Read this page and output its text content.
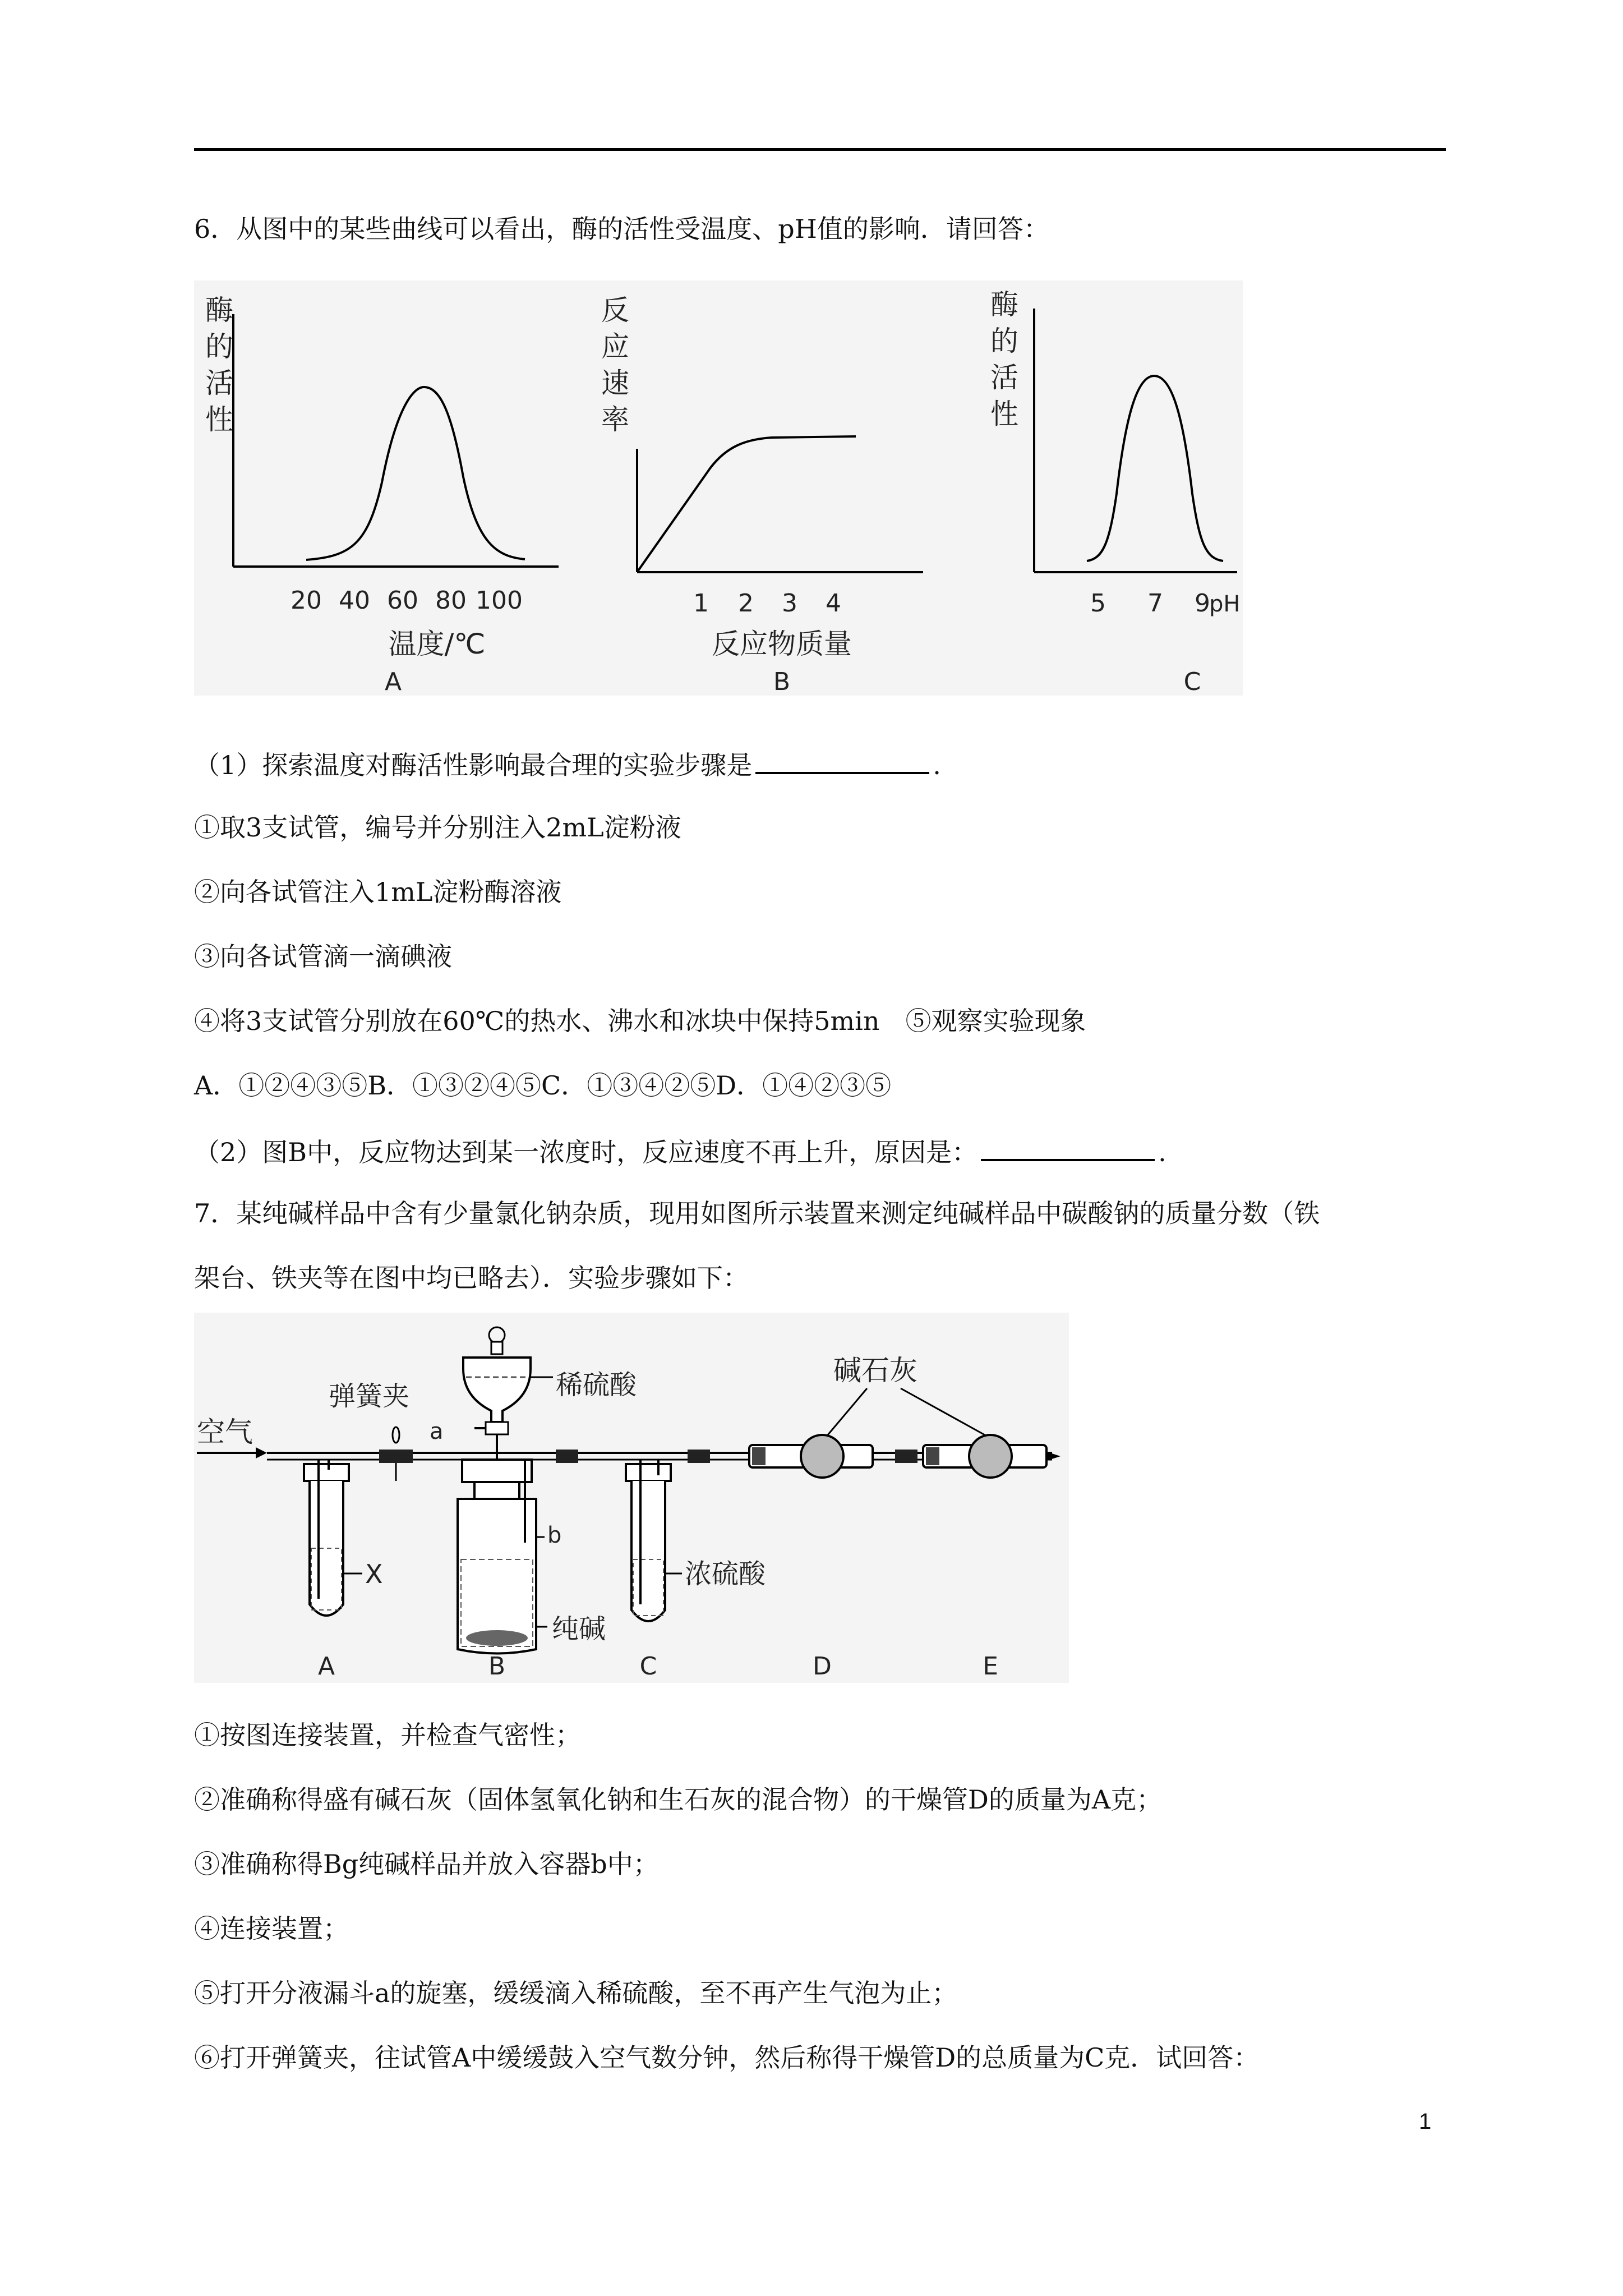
6．从图中的某些曲线可以看出，酶的活性受温度、pH值的影响．请回答：
酶
的
活
性
20 40 60 80 100
温度/℃
A
反
应
速
率
1 2 3 4
反应物质量
B
酶
的
活
性
5 7 9
pH
C
（1）探索温度对酶活性影响最合理的实验步骤是	.
①取3支试管，编号并分别注入2mL淀粉液
②向各试管注入1mL淀粉酶溶液
③向各试管滴一滴碘液
④将3支试管分别放在60℃的热水、沸水和冰块中保持5min　⑤观察实验现象
A．①②④③⑤B．①③②④⑤C．①③④②⑤D．①④②③⑤
（2）图B中，反应物达到某一浓度时，反应速度不再上升，原因是：	.
7．某纯碱样品中含有少量氯化钠杂质，现用如图所示装置来测定纯碱样品中碳酸钠的质量分数（铁
架台、铁夹等在图中均已略去）．实验步骤如下：
空气
X
弹簧夹	稀硫酸
a
b
纯碱
浓硫酸
碱石灰
A	B	C	D	E
①按图连接装置，并检查气密性；
②准确称得盛有碱石灰（固体氢氧化钠和生石灰的混合物）的干燥管D的质量为A克；
③准确称得Bg纯碱样品并放入容器b中；
④连接装置；
⑤打开分液漏斗a的旋塞，缓缓滴入稀硫酸，至不再产生气泡为止；
⑥打开弹簧夹，往试管A中缓缓鼓入空气数分钟，然后称得干燥管D的总质量为C克．试回答：
1
